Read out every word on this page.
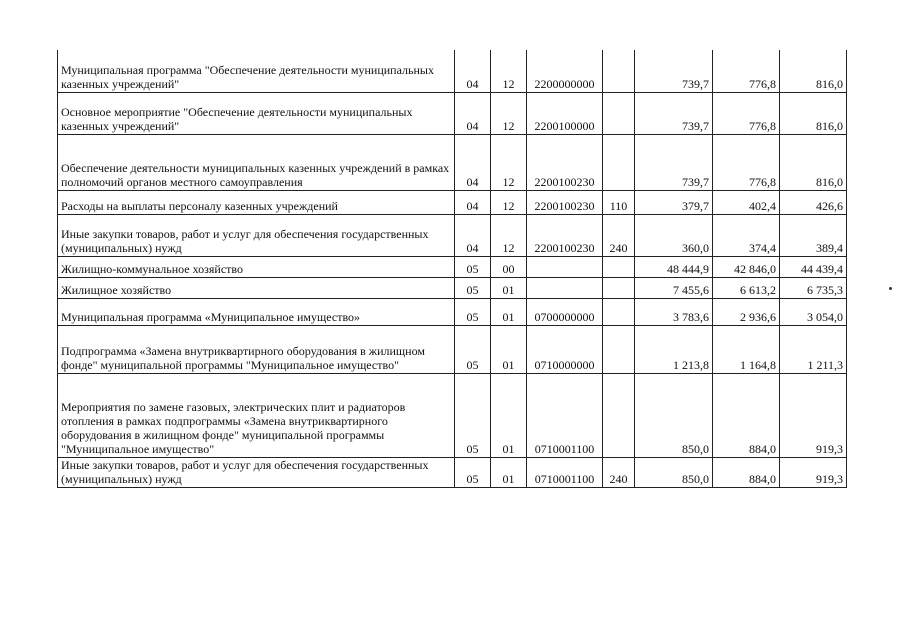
Муниципальная программа "Обеспечение деятельности муниципальных казенных учреждений"	04	12	2200000000		739,7	776,8	816,0
Основное мероприятие "Обеспечение деятельности муниципальных казенных учреждений"	04	12	2200100000		739,7	776,8	816,0
Обеспечение деятельности муниципальных казенных учреждений в рамках полномочий органов местного самоуправления	04	12	2200100230		739,7	776,8	816,0
Расходы на выплаты персоналу казенных учреждений	04	12	2200100230	110	379,7	402,4	426,6
Иные закупки товаров, работ и услуг для обеспечения государственных (муниципальных) нужд	04	12	2200100230	240	360,0	374,4	389,4
Жилищно-коммунальное хозяйство	05	00			48 444,9	42 846,0	44 439,4
Жилищное хозяйство	05	01			7 455,6	6 613,2	6 735,3
Муниципальная программа «Муниципальное имущество»	05	01	0700000000		3 783,6	2 936,6	3 054,0
Подпрограмма «Замена внутриквартирного оборудования в жилищном фонде" муниципальной программы "Муниципальное имущество"	05	01	0710000000		1 213,8	1 164,8	1 211,3
Мероприятия по замене газовых, электрических плит и радиаторов отопления в рамках подпрограммы «Замена внутриквартирного оборудования в жилищном фонде" муниципальной программы "Муниципальное имущество"	05	01	0710001100		850,0	884,0	919,3
Иные закупки товаров, работ и услуг для обеспечения государственных (муниципальных) нужд	05	01	0710001100	240	850,0	884,0	919,3
